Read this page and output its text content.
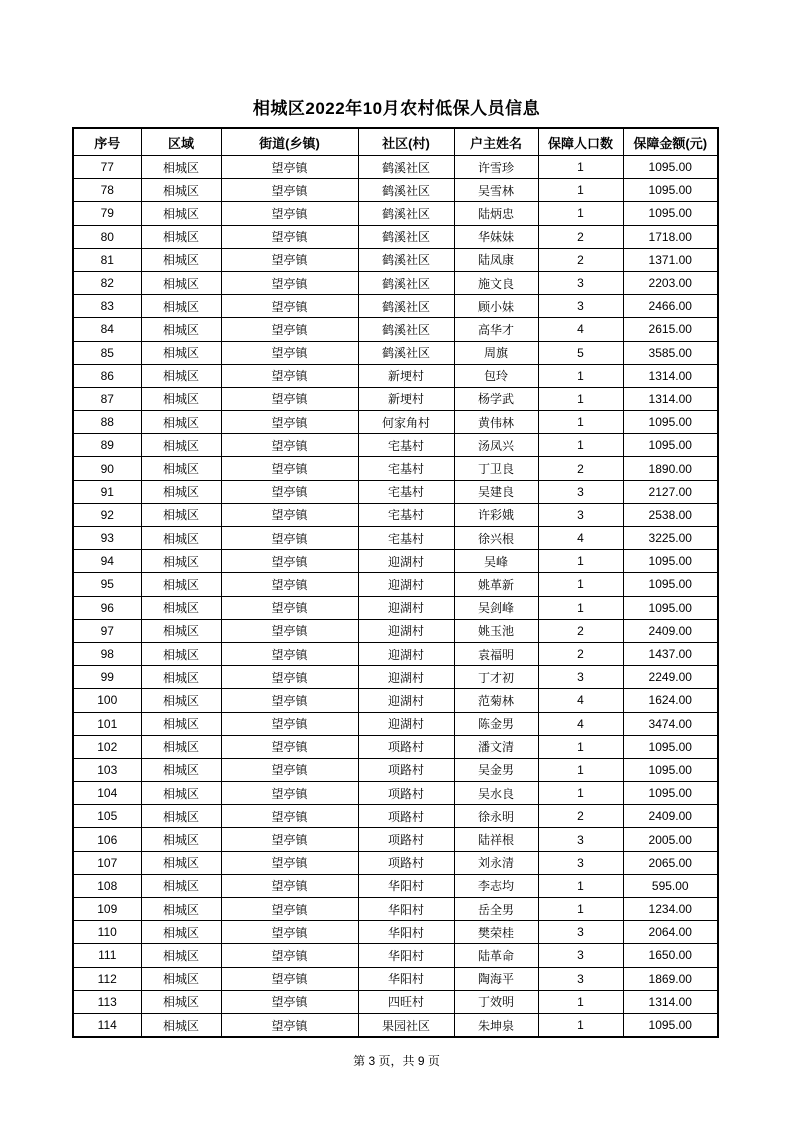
相城区2022年10月农村低保人员信息
序号	区域	街道(乡镇)	社区(村)	户主姓名	保障人口数	保障金额(元)
77	相城区	望亭镇	鹤溪社区	许雪珍	1	1095.00
78	相城区	望亭镇	鹤溪社区	吴雪林	1	1095.00
79	相城区	望亭镇	鹤溪社区	陆炳忠	1	1095.00
80	相城区	望亭镇	鹤溪社区	华妹妹	2	1718.00
81	相城区	望亭镇	鹤溪社区	陆凤康	2	1371.00
82	相城区	望亭镇	鹤溪社区	施文良	3	2203.00
83	相城区	望亭镇	鹤溪社区	顾小妹	3	2466.00
84	相城区	望亭镇	鹤溪社区	高华才	4	2615.00
85	相城区	望亭镇	鹤溪社区	周旗	5	3585.00
86	相城区	望亭镇	新埂村	包玲	1	1314.00
87	相城区	望亭镇	新埂村	杨学武	1	1314.00
88	相城区	望亭镇	何家角村	黄伟林	1	1095.00
89	相城区	望亭镇	宅基村	汤凤兴	1	1095.00
90	相城区	望亭镇	宅基村	丁卫良	2	1890.00
91	相城区	望亭镇	宅基村	吴建良	3	2127.00
92	相城区	望亭镇	宅基村	许彩娥	3	2538.00
93	相城区	望亭镇	宅基村	徐兴根	4	3225.00
94	相城区	望亭镇	迎湖村	吴峰	1	1095.00
95	相城区	望亭镇	迎湖村	姚革新	1	1095.00
96	相城区	望亭镇	迎湖村	吴剑峰	1	1095.00
97	相城区	望亭镇	迎湖村	姚玉池	2	2409.00
98	相城区	望亭镇	迎湖村	袁福明	2	1437.00
99	相城区	望亭镇	迎湖村	丁才初	3	2249.00
100	相城区	望亭镇	迎湖村	范菊林	4	1624.00
101	相城区	望亭镇	迎湖村	陈金男	4	3474.00
102	相城区	望亭镇	项路村	潘文清	1	1095.00
103	相城区	望亭镇	项路村	吴金男	1	1095.00
104	相城区	望亭镇	项路村	吴水良	1	1095.00
105	相城区	望亭镇	项路村	徐永明	2	2409.00
106	相城区	望亭镇	项路村	陆祥根	3	2005.00
107	相城区	望亭镇	项路村	刘永清	3	2065.00
108	相城区	望亭镇	华阳村	李志均	1	595.00
109	相城区	望亭镇	华阳村	岳全男	1	1234.00
110	相城区	望亭镇	华阳村	樊荣桂	3	2064.00
111	相城区	望亭镇	华阳村	陆革命	3	1650.00
112	相城区	望亭镇	华阳村	陶海平	3	1869.00
113	相城区	望亭镇	四旺村	丁效明	1	1314.00
114	相城区	望亭镇	果园社区	朱坤泉	1	1095.00
第 3 页，共 9 页
